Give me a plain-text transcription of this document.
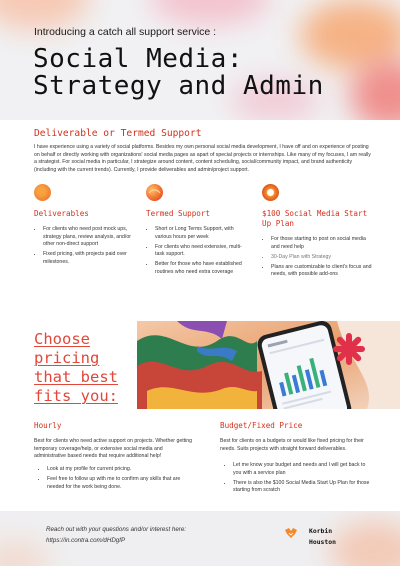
Introducing a catch all support service :
Social Media:
Strategy and Admin
Deliverable or Termed Support
I have experience using a variety of social platforms. Besides my own personal social media development, I have off and on experience of posting on behalf or directly working with organizations' social media pages as apart of special projects or internships. Like many of my focuses, I am really a strategist. For social media in particular, I strategize around content, content scheduling, social/community impact, and brand authenticity (including with the current trends). Currently, I provide deliverables and admin/project support.
Deliverables
• For clients who need post mock ups, strategy plans, review analysis, and/or other non-direct support
• Fixed pricing, with projects paid over milestones.
Termed Support
• Short or Long Terms Support, with various hours per week
• For clients who need extensive, multi-task support.
• Better for those who have established routines who need extra coverage
$100 Social Media Start Up Plan
• For those starting to post on social media and need help
• 30-Day Plan with Strategy
• Plans are customizable to client's focus and needs, with possible add-ons
Choose
pricing
that best
fits you:
Hourly
Best for clients who need active support on projects. Whether getting temporary coverage/help, or extensive social media and administrative based needs that require additional help!
• Look at my profile for current pricing.
• Feel free to follow up with me to confirm any skills that are needed for the work being done.
Budget/Fixed Price
Best for clients on a budgets or would like fixed pricing for their needs. Suits projects with straight forward deliverables.
• Let me know your budget and needs and I will get back to you with a service plan
• There is also the $100 Social Media Start Up Plan for those starting from scratch
Reach out with your questions and/or interest here:
https://in.contra.com/dHDgfP
Korbin
Houston
